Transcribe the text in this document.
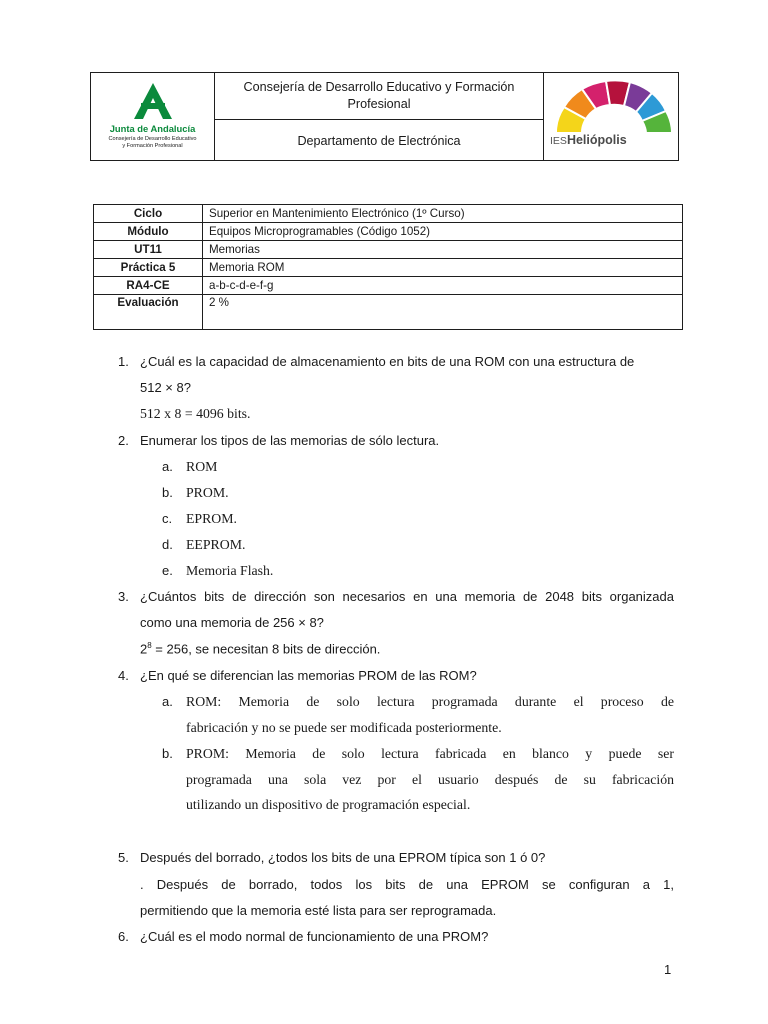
Junta de Andalucía
Consejería de Desarrollo Educativo
y Formación Profesional
Consejería de Desarrollo Educativo y Formación Profesional
Departamento de Electrónica	IESHeliópolis
Ciclo	Superior en Mantenimiento Electrónico (1º Curso)
Módulo	Equipos Microprogramables (Código 1052)
UT11	Memorias
Práctica 5	Memoria ROM
RA4-CE	a-b-c-d-e-f-g
Evaluación	2 %
1. ¿Cuál es la capacidad de almacenamiento en bits de una ROM con una estructura de
512 × 8?
512 x 8 = 4096 bits.
2. Enumerar los tipos de las memorias de sólo lectura.
a. ROM
b. PROM.
c. EPROM.
d. EEPROM.
e. Memoria Flash.
3. ¿Cuántos bits de dirección son necesarios en una memoria de 2048 bits organizada
como una memoria de 256 × 8?
$2^8 = 256$, se necesitan 8 bits de dirección.
4. ¿En qué se diferencian las memorias PROM de las ROM?
a. ROM: Memoria de solo lectura programada durante el proceso de
fabricación y no se puede ser modificada posteriormente.
b. PROM: Memoria de solo lectura fabricada en blanco y puede ser
programada una sola vez por el usuario después de su fabricación
utilizando un dispositivo de programación especial.
5. Después del borrado, ¿todos los bits de una EPROM típica son 1 ó 0?
. Después de borrado, todos los bits de una EPROM se configuran a 1,
permitiendo que la memoria esté lista para ser reprogramada.
6. ¿Cuál es el modo normal de funcionamiento de una PROM?
1
